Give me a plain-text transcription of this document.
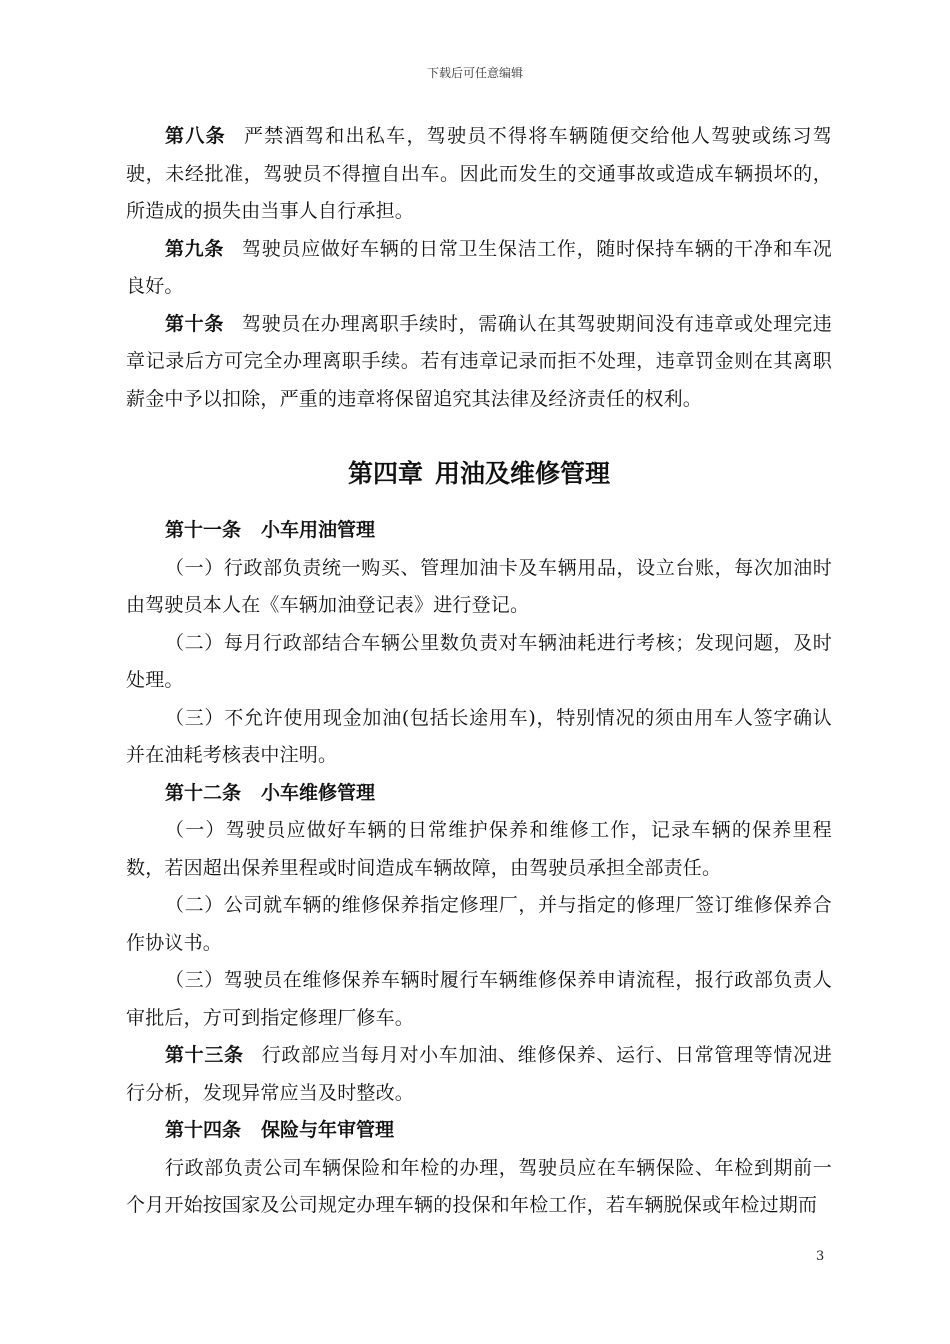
下载后可任意编辑

第八条 严禁酒驾和出私车，驾驶员不得将车辆随便交给他人驾驶或练习驾驶，未经批准，驾驶员不得擅自出车。因此而发生的交通事故或造成车辆损坏的，所造成的损失由当事人自行承担。

第九条 驾驶员应做好车辆的日常卫生保洁工作，随时保持车辆的干净和车况良好。

第十条 驾驶员在办理离职手续时，需确认在其驾驶期间没有违章或处理完违章记录后方可完全办理离职手续。若有违章记录而拒不处理，违章罚金则在其离职薪金中予以扣除，严重的违章将保留追究其法律及经济责任的权利。

第四章 用油及维修管理

第十一条 小车用油管理

（一）行政部负责统一购买、管理加油卡及车辆用品，设立台账，每次加油时由驾驶员本人在《车辆加油登记表》进行登记。

（二）每月行政部结合车辆公里数负责对车辆油耗进行考核；发现问题，及时处理。

（三）不允许使用现金加油(包括长途用车)，特别情况的须由用车人签字确认并在油耗考核表中注明。

第十二条 小车维修管理

（一）驾驶员应做好车辆的日常维护保养和维修工作，记录车辆的保养里程数，若因超出保养里程或时间造成车辆故障，由驾驶员承担全部责任。

（二）公司就车辆的维修保养指定修理厂，并与指定的修理厂签订维修保养合作协议书。

（三）驾驶员在维修保养车辆时履行车辆维修保养申请流程，报行政部负责人审批后，方可到指定修理厂修车。

第十三条 行政部应当每月对小车加油、维修保养、运行、日常管理等情况进行分析，发现异常应当及时整改。

第十四条 保险与年审管理

行政部负责公司车辆保险和年检的办理，驾驶员应在车辆保险、年检到期前一个月开始按国家及公司规定办理车辆的投保和年检工作，若车辆脱保或年检过期而

3
